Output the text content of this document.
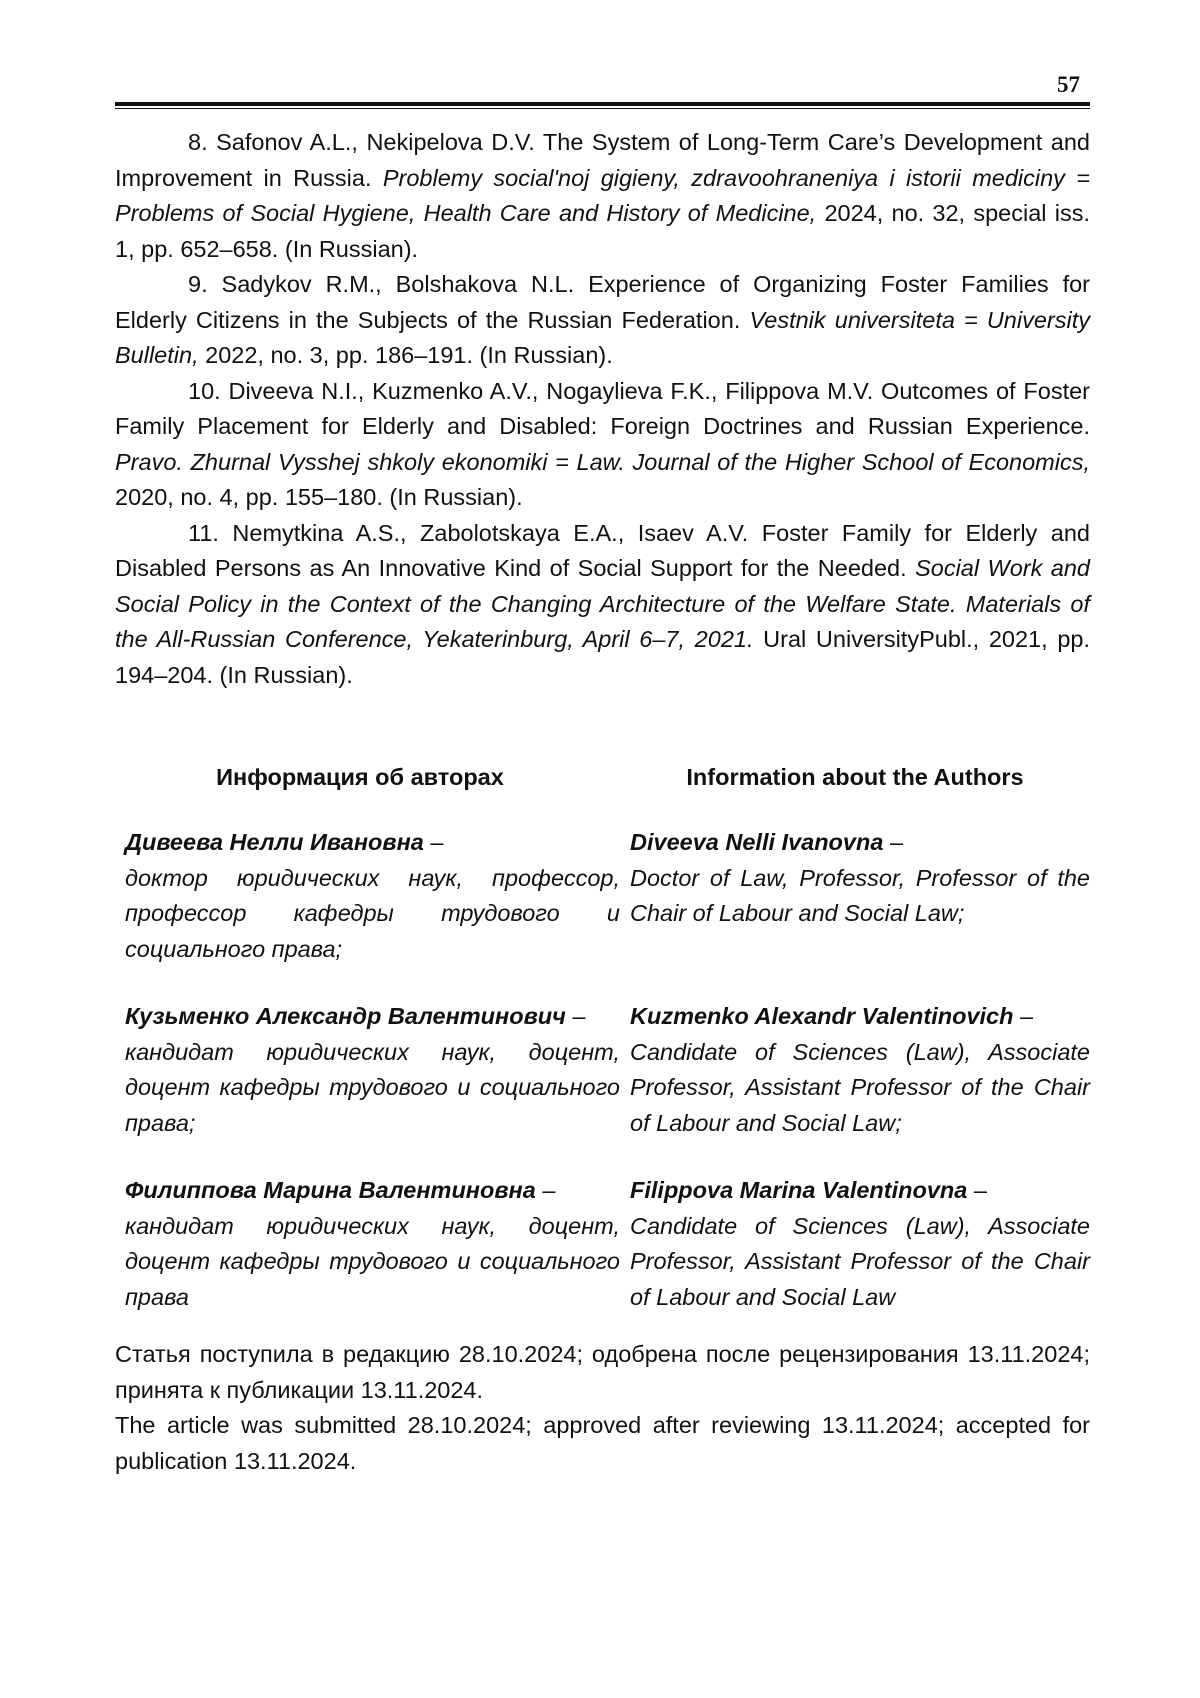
57

8. Safonov A.L., Nekipelova D.V. The System of Long-Term Care’s Development and Improvement in Russia. Problemy social'noj gigieny, zdravoohraneniya i istorii mediciny = Problems of Social Hygiene, Health Care and History of Medicine, 2024, no. 32, special iss. 1, pp. 652–658. (In Russian).

9. Sadykov R.M., Bolshakova N.L. Experience of Organizing Foster Families for Elderly Citizens in the Subjects of the Russian Federation. Vestnik universiteta = University Bulletin, 2022, no. 3, pp. 186–191. (In Russian).

10. Diveeva N.I., Kuzmenko A.V., Nogaylieva F.K., Filippova M.V. Outcomes of Foster Family Placement for Elderly and Disabled: Foreign Doctrines and Russian Experience. Pravo. Zhurnal Vysshej shkoly ekonomiki = Law. Journal of the Higher School of Economics, 2020, no. 4, pp. 155–180. (In Russian).

11. Nemytkina A.S., Zabolotskaya E.A., Isaev A.V. Foster Family for Elderly and Disabled Persons as An Innovative Kind of Social Support for the Needed. Social Work and Social Policy in the Context of the Changing Architecture of the Welfare State. Materials of the All-Russian Conference, Yekaterinburg, April 6–7, 2021. Ural UniversityPubl., 2021, pp. 194–204. (In Russian).

Информация об авторах	Information about the Authors
Дивеева Нелли Ивановна –
доктор юридических наук, профессор, профессор кафедры трудового и социального права;
Diveeva Nelli Ivanovna –
Doctor of Law, Professor, Professor of the Chair of Labour and Social Law;
Кузьменко Александр Валентинович –
кандидат юридических наук, доцент, доцент кафедры трудового и социального права;
Kuzmenko Alexandr Valentinovich –
Candidate of Sciences (Law), Associate Professor, Assistant Professor of the Chair of Labour and Social Law;
Филиппова Марина Валентиновна –
кандидат юридических наук, доцент, доцент кафедры трудового и социального права
Filippova Marina Valentinovna –
Candidate of Sciences (Law), Associate Professor, Assistant Professor of the Chair of Labour and Social Law

Статья поступила в редакцию 28.10.2024; одобрена после рецензирования 13.11.2024; принята к публикации 13.11.2024.

The article was submitted 28.10.2024; approved after reviewing 13.11.2024; accepted for publication 13.11.2024.
